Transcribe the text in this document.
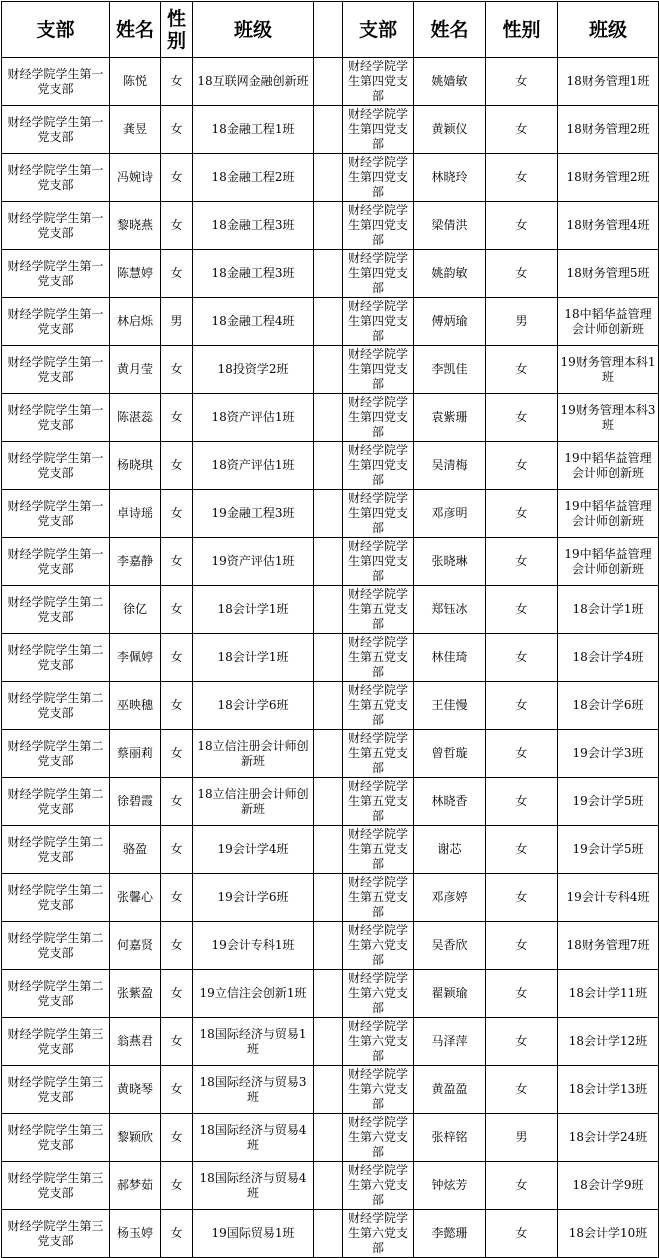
支部	姓名	性别	班级		支部	姓名	性别	班级
财经学院学生第一党支部	陈悦	女	18互联网金融创新班		财经学院学生第四党支部	姚嫱敏	女	18财务管理1班
财经学院学生第一党支部	龚昱	女	18金融工程1班		财经学院学生第四党支部	黄颖仪	女	18财务管理2班
财经学院学生第一党支部	冯婉诗	女	18金融工程2班		财经学院学生第四党支部	林晓玲	女	18财务管理2班
财经学院学生第一党支部	黎晓燕	女	18金融工程3班		财经学院学生第四党支部	梁倩洪	女	18财务管理4班
财经学院学生第一党支部	陈慧婷	女	18金融工程3班		财经学院学生第四党支部	姚韵敏	女	18财务管理5班
财经学院学生第一党支部	林启烁	男	18金融工程4班		财经学院学生第四党支部	傅炳瑜	男	18中韬华益管理会计师创新班
财经学院学生第一党支部	黄月莹	女	18投资学2班		财经学院学生第四党支部	李凯佳	女	19财务管理本科1班
财经学院学生第一党支部	陈湛蕊	女	18资产评估1班		财经学院学生第四党支部	袁紫珊	女	19财务管理本科3班
财经学院学生第一党支部	杨晓琪	女	18资产评估1班		财经学院学生第四党支部	吴清梅	女	19中韬华益管理会计师创新班
财经学院学生第一党支部	卓诗瑶	女	19金融工程3班		财经学院学生第四党支部	邓彦明	女	19中韬华益管理会计师创新班
财经学院学生第一党支部	李嘉静	女	19资产评估1班		财经学院学生第四党支部	张晓琳	女	19中韬华益管理会计师创新班
财经学院学生第二党支部	徐亿	女	18会计学1班		财经学院学生第五党支部	郑钰冰	女	18会计学1班
财经学院学生第二党支部	李佩婷	女	18会计学1班		财经学院学生第五党支部	林佳琦	女	18会计学4班
财经学院学生第二党支部	巫映穗	女	18会计学6班		财经学院学生第五党支部	王佳慢	女	18会计学6班
财经学院学生第二党支部	蔡丽莉	女	18立信注册会计师创新班		财经学院学生第五党支部	曾哲璇	女	19会计学3班
财经学院学生第二党支部	徐碧霞	女	18立信注册会计师创新班		财经学院学生第五党支部	林晓香	女	19会计学5班
财经学院学生第二党支部	骆盈	女	19会计学4班		财经学院学生第五党支部	谢芯	女	19会计学5班
财经学院学生第二党支部	张馨心	女	19会计学6班		财经学院学生第五党支部	邓彦婷	女	19会计专科4班
财经学院学生第二党支部	何嘉贤	女	19会计专科1班		财经学院学生第六党支部	吴香欣	女	18财务管理7班
财经学院学生第二党支部	张紫盈	女	19立信注会创新1班		财经学院学生第六党支部	翟颖瑜	女	18会计学11班
财经学院学生第三党支部	翁燕君	女	18国际经济与贸易1班		财经学院学生第六党支部	马泽萍	女	18会计学12班
财经学院学生第三党支部	黄晓琴	女	18国际经济与贸易3班		财经学院学生第六党支部	黄盈盈	女	18会计学13班
财经学院学生第三党支部	黎颖欣	女	18国际经济与贸易4班		财经学院学生第六党支部	张梓铭	男	18会计学24班
财经学院学生第三党支部	郝梦茹	女	18国际经济与贸易4班		财经学院学生第六党支部	钟炫芳	女	18会计学9班
财经学院学生第三党支部	杨玉婷	女	19国际贸易1班		财经学院学生第六党支部	李懿珊	女	18会计学10班
